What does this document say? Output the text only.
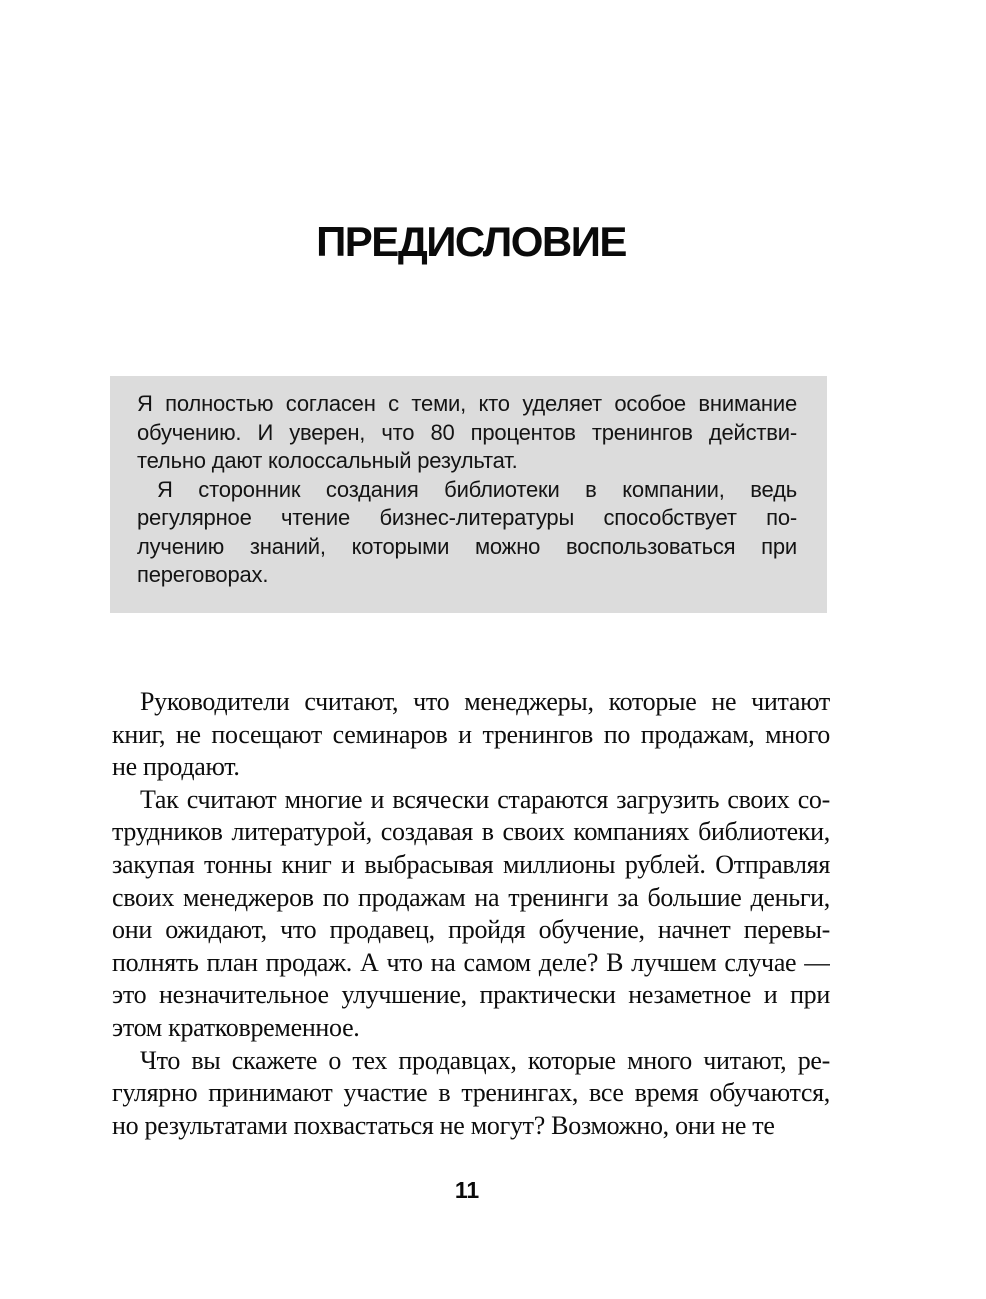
ПРЕДИСЛОВИЕ
Я полностью согласен с теми, кто уделяет особое внимание
обучению. И уверен, что 80 процентов тренингов действи-
тельно дают колоссальный результат.
Я сторонник создания библиотеки в компании, ведь
регулярное чтение бизнес-литературы способствует по-
лучению знаний, которыми можно воспользоваться при
переговорах.
Руководители считают, что менеджеры, которые не читают
книг, не посещают семинаров и тренингов по продажам, много
не продают.
Так считают многие и всячески стараются загрузить своих со-
трудников литературой, создавая в своих компаниях библиотеки,
закупая тонны книг и выбрасывая миллионы рублей. Отправляя
своих менеджеров по продажам на тренинги за большие деньги,
они ожидают, что продавец, пройдя обучение, начнет перевы-
полнять план продаж. А что на самом деле? В лучшем случае —
это незначительное улучшение, практически незаметное и при
этом кратковременное.
Что вы скажете о тех продавцах, которые много читают, ре-
гулярно принимают участие в тренингах, все время обучаются,
но результатами похвастаться не могут? Возможно, они не те
11
